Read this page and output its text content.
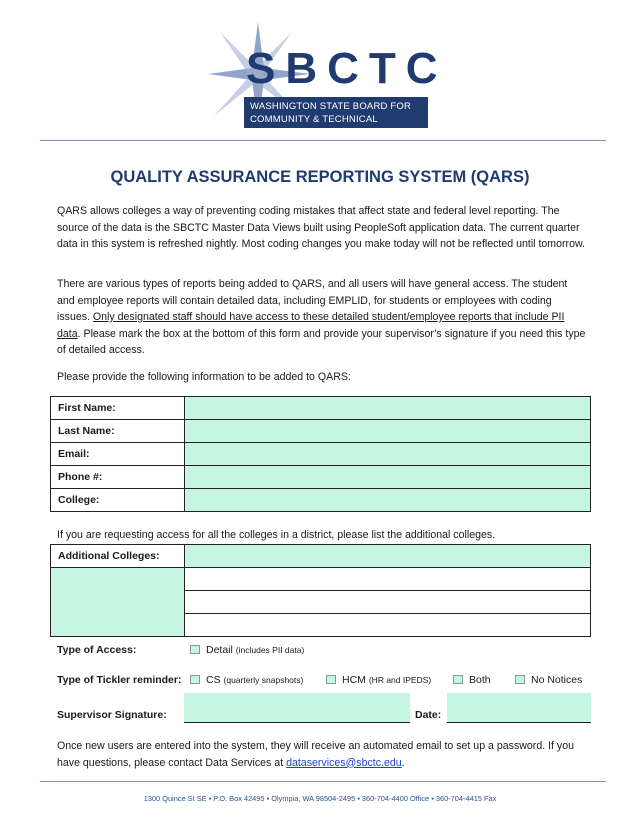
SBCTC
WASHINGTON STATE BOARD FOR
COMMUNITY & TECHNICAL COLLEGES
QUALITY ASSURANCE REPORTING SYSTEM (QARS)
QARS allows colleges a way of preventing coding mistakes that affect state and federal level reporting. The source of the data is the SBCTC Master Data Views built using PeopleSoft application data. The current quarter data in this system is refreshed nightly. Most coding changes you make today will not be reflected until tomorrow.
There are various types of reports being added to QARS, and all users will have general access. The student and employee reports will contain detailed data, including EMPLID, for students or employees with coding issues. Only designated staff should have access to these detailed student/employee reports that include PII data. Please mark the box at the bottom of this form and provide your supervisor’s signature if you need this type of detailed access.
Please provide the following information to be added to QARS:
First Name:	
Last Name:	
Email:	
Phone #:	
College:	
If you are requesting access for all the colleges in a district, please list the additional colleges.
Additional Colleges:	

Type of Access:	Detail (includes PII data)
Type of Tickler reminder: CS (quarterly snapshots)	HCM (HR and IPEDS)	Both	No Notices
Supervisor Signature:	Date:
Once new users are entered into the system, they will receive an automated email to set up a password. If you have questions, please contact Data Services at dataservices@sbctc.edu.
1300 Quince St SE ▪ P.O. Box 42495 ▪ Olympia, WA 98504-2495 ▪ 360-704-4400 Office ▪ 360-704-4415 Fax
